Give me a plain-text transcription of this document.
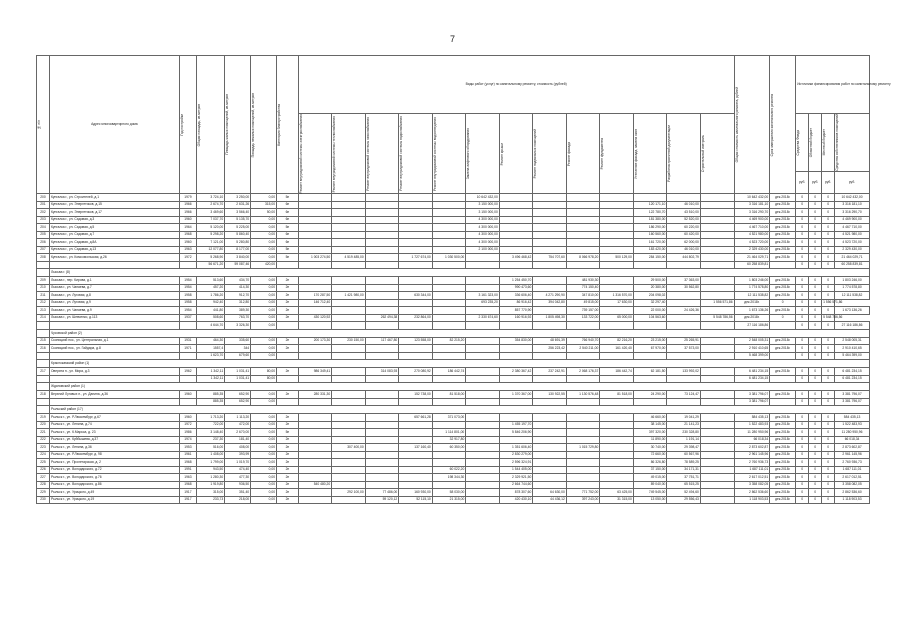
7
№ п/п	Адрес многоквартирного дома	Год постройки	Общая площадь, кв.метров	Площадь жилых помещений, кв.метров	Площадь нежилых помещений, кв.метров	Категория благоустройства	Виды работ (услуг) по капитальному ремонту, стоимость (рублей)													Общая стоимость капитального ремонта, рублей	Срок завершения капитального ремонта	Источники финансирования работ по капитальному ремонту			

							Ремонт внутридомовой системы электроснабжения	Ремонт внутридомовой системы теплоснабжения	Ремонт внутридомовой системы газоснабжения	Ремонт внутридомовой системы водоснабжения	Ремонт внутридомовой системы водоотведения	Замена лифтового оборудования	Ремонт крыши	Ремонт подвальных помещений	Ремонт фасада	Ремонт фундамента	Утепление фасада, замена окон	Разработка проектной документации	Строительный контроль			Средства Фонда	Областной бюджет	Местный бюджет	Средства собственников помещений

																						руб.	руб.	руб.	руб.
200	Кунгалка г., ул. Строителей, д.1	1979	3 724,10	3 250,00	0,00	5н						10 642 432,00								10 642 432,00	дек.2018г.	0	0	0	10 642 432,00
201	Кунгалка г., ул. Энергетиков, д.15	1966	2 674,70	2 631,26	315,00	6н						3 150 000,00					120 171,10	46 010,00		3 316 181,10	дек.2018г.	0	0	0	3 316 181,10
202	Кунгалка г., ул. Энергетиков, д.17	1966	3 469,60	3 566,40	50,00	6н						3 150 000,00					122 780,70	43 510,00		3 316 290,70	дек.2018г.	0	0	0	3 316 290,70
203	Кунгалка г., ул. Садовая, д.3	1960	7 037,70	5 135,70	0,00	6н						4 300 000,00					181 380,00	52 520,00		4 469 900,00	дек.2018г.	0	0	0	4 469 900,00
204	Кунгалка г., ул. Садовая, д.5	1964	5 120,00	5 225,00	0,00	5н						4 300 000,00					186 290,00	60 220,00		4 467 710,00	дек.2018г.	0	0	0	4 467 710,00
205	Кунгалка г., ул. Садовая, д.7	1968	5 298,20	5 860,40	0,00	6н						4 300 000,00					160 560,00	60 420,00		4 521 980,00	дек.2018г.	0	0	0	4 521 980,00
206	Кунгалка г., ул. Садовая, д.8А	1960	7 121,00	5 280,80	0,00	6н						4 300 000,00					161 720,00	62 000,00		4 523 720,00	дек.2018г.	0	0	0	4 523 720,00
207	Кунгалка г., ул. Садовая, д.13	1963	12 077,80	8 177,00	0,00	5н						2 100 000,00					183 420,00	46 010,00		2 329 430,00	дек.2018г.	0	0	0	2 329 430,00
208	Кунгалка г., ул. Комсомольская, д.26	1972	5 268,90	3 840,00	0,00	5н	1 003 274,50	4 519 485,00		1 727 674,00	1 030 500,00		3 496 468,42	754 707,60	8 066 978,20	500 129,00	284 150,00	444 802,79		21 464 029,71	дек.2018г.	0	0	0	21 464 029,71
			56 671,20	59 087,46	420,00															60 258 839,81		0	0	0	60 258 839,81
	Лысьва г. (8)																								
209	Лысьва г., пер. Кирова, д.1	1954	513,60	434,70	0,00	2н							1 254 450,70		481 930,30		29 500,00	37 363,00		1 803 246,00	дек.2018г.	0	0	0	1 803 246,00
210	Лысьва г., ул. Чапаева, д.7	1954	457,20	414,30	0,00	2н							990 473,60		774 150,40		20 380,00	30 562,80		1 774 578,80	дек.2018г.	0	0	0	1 774 578,80
211	Лысьва г., ул. Луговая, д.8	1958	1 786,20	912,70	0,00	2н	170 287,50	1 421 980,00		630 344,00		3 161 323,00	336 606,40	4 271 290,90	347 810,00	1 316 570,00	204 098,02			12 111 538,82	дек.2018г.	0	0	0	12 111 538,82
212	Лысьва г., ул. Луговая, д.9	1958	942,40	312,80	0,00	2н	146 712,40					693 235,20	86 916,42	394 042,80	49 815,00	17 630,00	32 297,40		1 556 571,86	дек.2018г.	0	0	0	1 556 571,86	
213	Лысьва г., ул. Чапаева, д.9	1954	441,80	389,30	0,00	2н							857 770,90		739 157,00		22 000,00	24 426,36		1 673 136,26	дек.2018г.	0	0	0	1 673 136,26
214	Лысьва г., ул. Шевченко, д.113	1937	508,60	763,70	0,00	2н	430 120,92		262 494,38	232 864,00		2 330 674,60	160 916,92	1 805 498,30	133 722,00	65 000,00	104 563,60		5 548 786,56	дек.2018г.	0	0	0	5 548 786,56	
			4 644,70	3 326,30	0,00															27 116 186,86		0	0	0	27 116 186,86
	Чусовской район (2)																								
215	Скопицкий пос., ул. Центральная, д.1	1931	464,30	335,60	0,00	2н	200 173,30	230 150,00	117 467,80	123 558,00	82 215,20		354 830,00	48 691,39	766 940,70	82 216,20	23 215,00	25 265,91		2 548 005,31	дек.2018г.	0	0	0	2 548 005,31
216	Скопицкий пос., ул. Гайдара, д.8	1971	1557,4	344	0,00	2н								256 223,42	2 540 211,00	161 420,40	67 970,00	37 573,00		2 910 410,65	дек.2018г.	0	0	0	2 910 410,65
			1 623,70	679,60	0,00															5 468 399,00		0	0	0	5 464 399,00
	Краснокамский район (1)																								
217	Оверята п., ул. Мира, д.3	1962	1 342,11	1 031,41	80,00	2н	986 349,41		314 083,93	270 080,92	186 442,74		2 380 367,42	237 242,91	2 068 176,37	186 442,74	62 181,50	133 992,02		6 481 234,15	дек.2018г.	0	0	0	6 481 234,15
			1 342,11	1 031,41	80,00															6 481 234,15		0	0	0	6 481 234,15
	Ждановский район (1)																								
218	Верхний Луговых п., ул. Данина, д.36	1960	885,35	652,90	0,00	2н	280 331,30			152 738,00	81 518,00		1 370 367,00	130 922,55	1 130 576,48	81 518,00	24 290,00	73 124,47		3 381 796,07	дек.2018г.	0	0	0	3 381 796,07
			885,35	652,90	0,00															3 381 796,07		0	0	0	3 381 796,07
	Рыльский район (17)																								
219	Рыльск г., ул. Р.Люксембург, д.67	1960	1 713,20	1 113,20	0,00	2н				657 661,28	371 073,00						46 660,00	19 041,29		584 435,13	дек.2018г.	0	0	0	584 435,13
220	Рыльск г., ул. Ленина, д.74	1972	722,00	472,00	0,00	2н							1 455 197,70				38 145,00	21 141,23		1 522 483,93	дек.2018г.	0	0	0	1 522 483,93
221	Рыльск г., ул. К.Маркса, д. 23	1986	3 148,40	2 670,00	0,00	5н					1 114 801,00		5 846 206,90				397 320,00	230 328,80		11 280 950,96	дек.2018г.	0	0	0	11 280 950,96
222	Рыльск г., ул. Куйбышева, д.37	1974	237,30	181,40	0,00	2н					32 917,80						11 890,00	1 191,14		66 018,34	дек.2018г.	0	0	0	66 018,34
223	Рыльск г., ул. Ленина, д.36	1953	516,00	408,00	0,00	2н		307 400,00		137 160,40	60 350,00		1 351 606,40		1 015 729,80		30 740,00	29 398,47		2 873 602,87	дек.2018г.	0	0	0	2 873 602,87
224	Рыльск г., ул. Р.Люксембург, д. 98	1961	1 408,00	393,99	0,00	2н							2 830 279,00				72 660,00	60 567,96		2 961 145,96	дек.2018г.	0	0	0	2 961 145,96
225	Рыльск г., ул. Пролетарская, д. 2	1968	1 799,00	1 019,70	0,00	2н							2 596 324,91				86 326,80	78 589,25		2 760 936,73	дек.2018г.	0	0	0	2 760 936,73
226	Рыльск г., ул. Володарского, д.72	1991	943,50	474,40	0,00	2н					60 022,20		1 544 405,00				37 150,00	34 171,31		1 687 111,01	дек.2018г.	0	0	0	1 687 111,01
227	Рыльск г., ул. Володарского, д.76	1963	1 280,30	477,30	0,00	2н					198 344,30		2 329 921,50				49 015,00	37 751,71		2 617 012,51	дек.2018г.	0	0	0	2 617 012,51
228	Рыльск г., ул. Володарского, д.86	1968	1 919,80	936,50	0,00	2н	540 480,20						2 664 744,60				89 040,00	65 515,25		3 358 082,05	дек.2018г.	0	0	0	3 358 082,05
229	Рыльск г., ул. Урицкого, д.49	1917	315,00	351,40	0,00	2н		292 100,00	77 486,00	160 930,00	58 030,00		878 307,60	64 630,00	771 752,00	63 425,00	749 545,00	52 494,60		2 862 536,60	дек.2018г.	0	0	0	2 862 536,60
230	Рыльск г., ул. Урицкого, д.19	1917	233,73	218,00	0,00	2н			59 120,12	52 115,10	21 315,00		420 430,10	44 436,12	397 243,00	31 315,00	13 050,00	29 556,43		1 118 903,53	дек.2018г.	0	0	0	1 118 903,53
